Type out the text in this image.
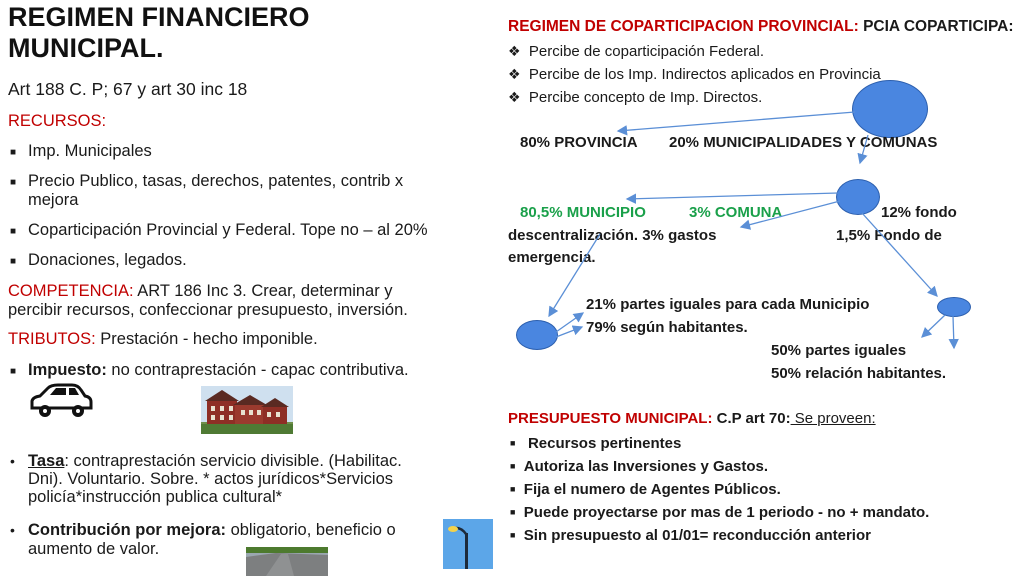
REGIMEN FINANCIERO
MUNICIPAL.
Art 188 C. P; 67 y art 30 inc 18
RECURSOS:
■ Imp. Municipales
■ Precio Publico, tasas, derechos, patentes, contrib x
mejora
■ Coparticipación Provincial y Federal. Tope no – al 20%
■ Donaciones, legados.
COMPETENCIA: ART 186 Inc 3. Crear, determinar y
percibir recursos, confeccionar presupuesto, inversión.
TRIBUTOS: Prestación - hecho imponible.
■ Impuesto: no contraprestación - capac contributiva.
• Tasa: contraprestación servicio divisible. (Habilitac.
Dni). Voluntario. Sobre. * actos jurídicos*Servicios
policía*instrucción publica cultural*
• Contribución por mejora: obligatorio, beneficio o
aumento de valor.
REGIMEN DE COPARTICIPACION PROVINCIAL: PCIA COPARTICIPA:
❖ Percibe de coparticipación Federal.
❖ Percibe de los Imp. Indirectos aplicados en Provincia
❖ Percibe concepto de Imp. Directos.
80% PROVINCIA 20% MUNICIPALIDADES Y COMUNAS
80,5% MUNICIPIO	3% COMUNA	12% fondo
descentralización. 3% gastos	1,5% Fondo de
emergencia.
21% partes iguales para cada Municipio
79% según habitantes.
50% partes iguales
50% relación habitantes.
PRESUPUESTO MUNICIPAL: C.P art 70: Se proveen:
■   Recursos pertinentes
■ Autoriza las Inversiones y Gastos.
■ Fija el numero de Agentes Públicos.
■ Puede proyectarse por mas de 1 periodo - no + mandato.
■ Sin presupuesto al 01/01= reconducción anterior
